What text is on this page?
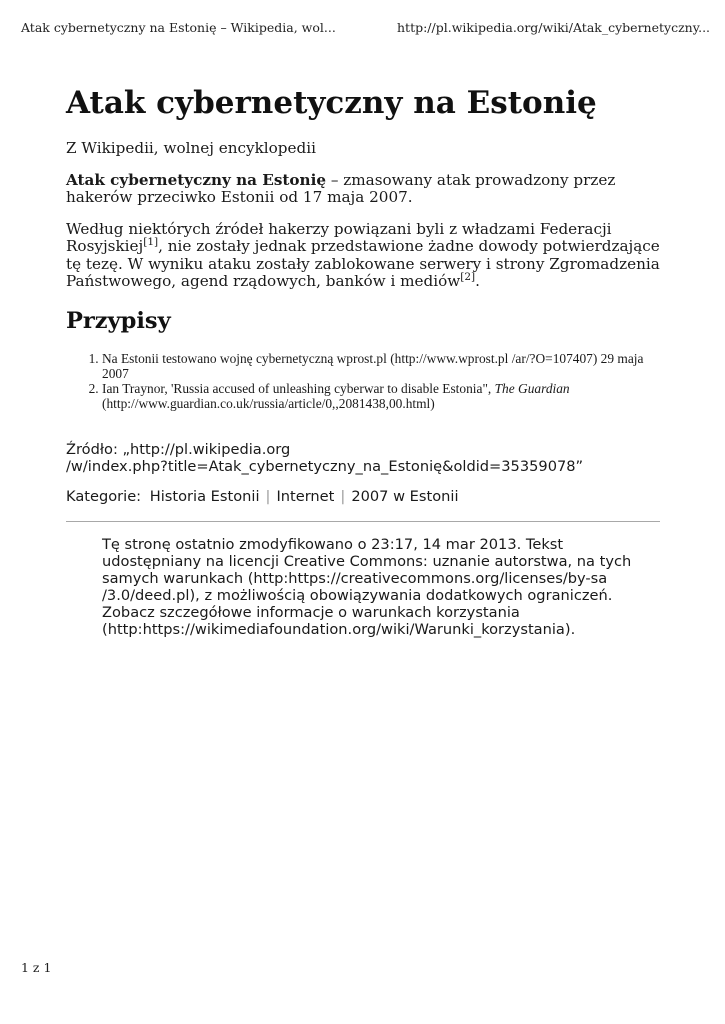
Atak cybernetyczny na Estonię – Wikipedia, wol...	http://pl.wikipedia.org/wiki/Atak_cybernetyczny...
Atak cybernetyczny na Estonię

Z Wikipedii, wolnej encyklopedii

Atak cybernetyczny na Estonię – zmasowany atak prowadzony przez hakerów przeciwko Estonii od 17 maja 2007.

Według niektórych źródeł hakerzy powiązani byli z władzami Federacji Rosyjskiej[1], nie zostały jednak przedstawione żadne dowody potwierdzające tę tezę. W wyniku ataku zostały zablokowane serwery i strony Zgromadzenia Państwowego, agend rządowych, banków i mediów[2].

Przypisy
1. Na Estonii testowano wojnę cybernetyczną wprost.pl (http://www.wprost.pl /ar/?O=107407) 29 maja 2007
2. Ian Traynor, 'Russia accused of unleashing cyberwar to disable Estonia", The Guardian (http://www.guardian.co.uk/russia/article/0,,2081438,00.html)
Źródło: „http://pl.wikipedia.org
/w/index.php?title=Atak_cybernetyczny_na_Estonię&oldid=35359078”
Kategorie: Historia Estonii | Internet | 2007 w Estonii
Tę stronę ostatnio zmodyfikowano o 23:17, 14 mar 2013. Tekst udostępniany na licencji Creative Commons: uznanie autorstwa, na tych samych warunkach (http:https://creativecommons.org/licenses/by-sa /3.0/deed.pl), z możliwością obowiązywania dodatkowych ograniczeń. Zobacz szczegółowe informacje o warunkach korzystania (http:https://wikimediafoundation.org/wiki/Warunki_korzystania).
1 z 1
